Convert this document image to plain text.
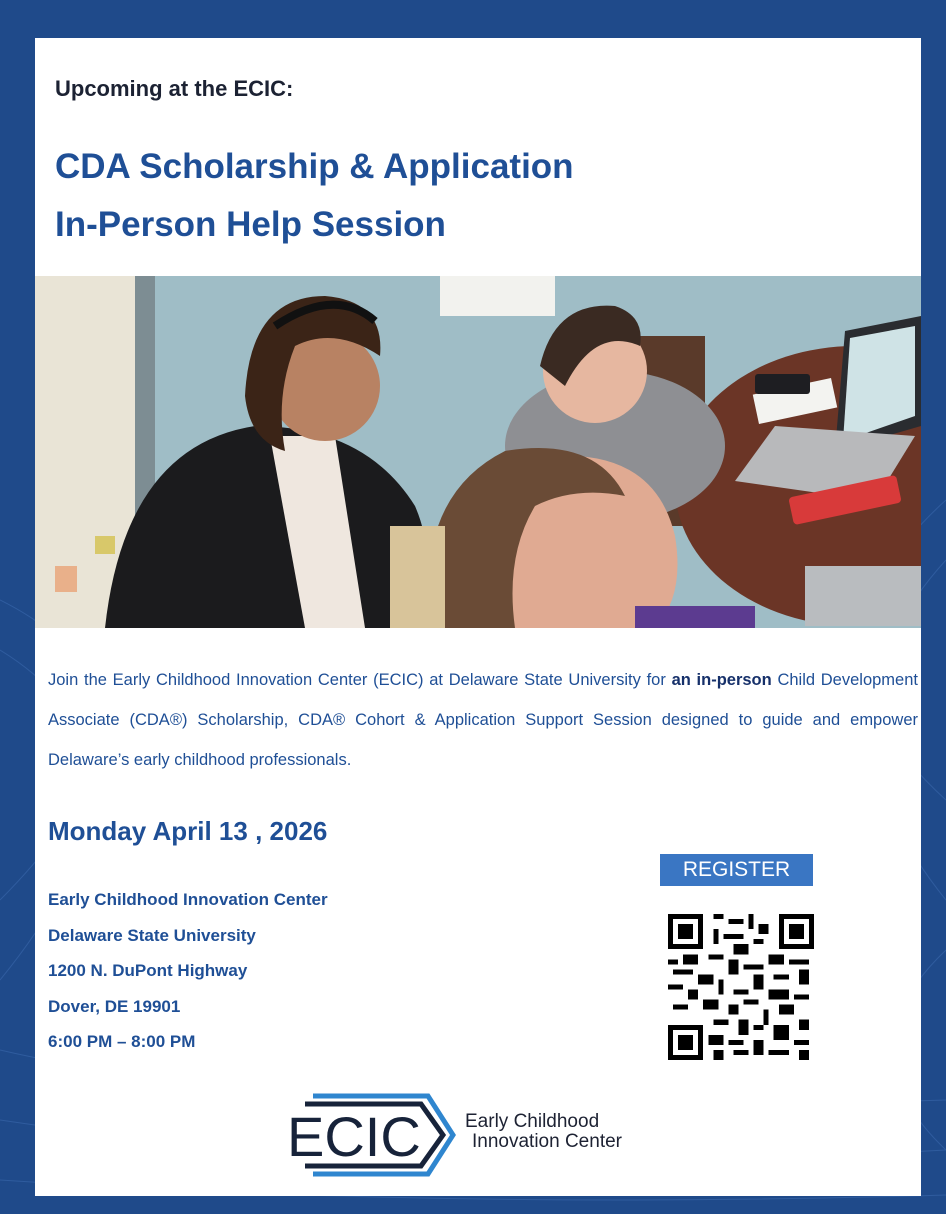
Upcoming at the ECIC:
CDA Scholarship & Application
In-Person Help Session
Join the Early Childhood Innovation Center (ECIC) at Delaware State University for an in-person Child Development Associate (CDA®) Scholarship, CDA® Cohort & Application Support Session designed to guide and empower Delaware’s early childhood professionals.
Monday April 13 , 2026
Early Childhood Innovation Center
Delaware State University
1200 N. DuPont Highway
Dover, DE 19901
6:00 PM – 8:00 PM
REGISTER HERE
ECIC Early Childhood
Innovation Center
